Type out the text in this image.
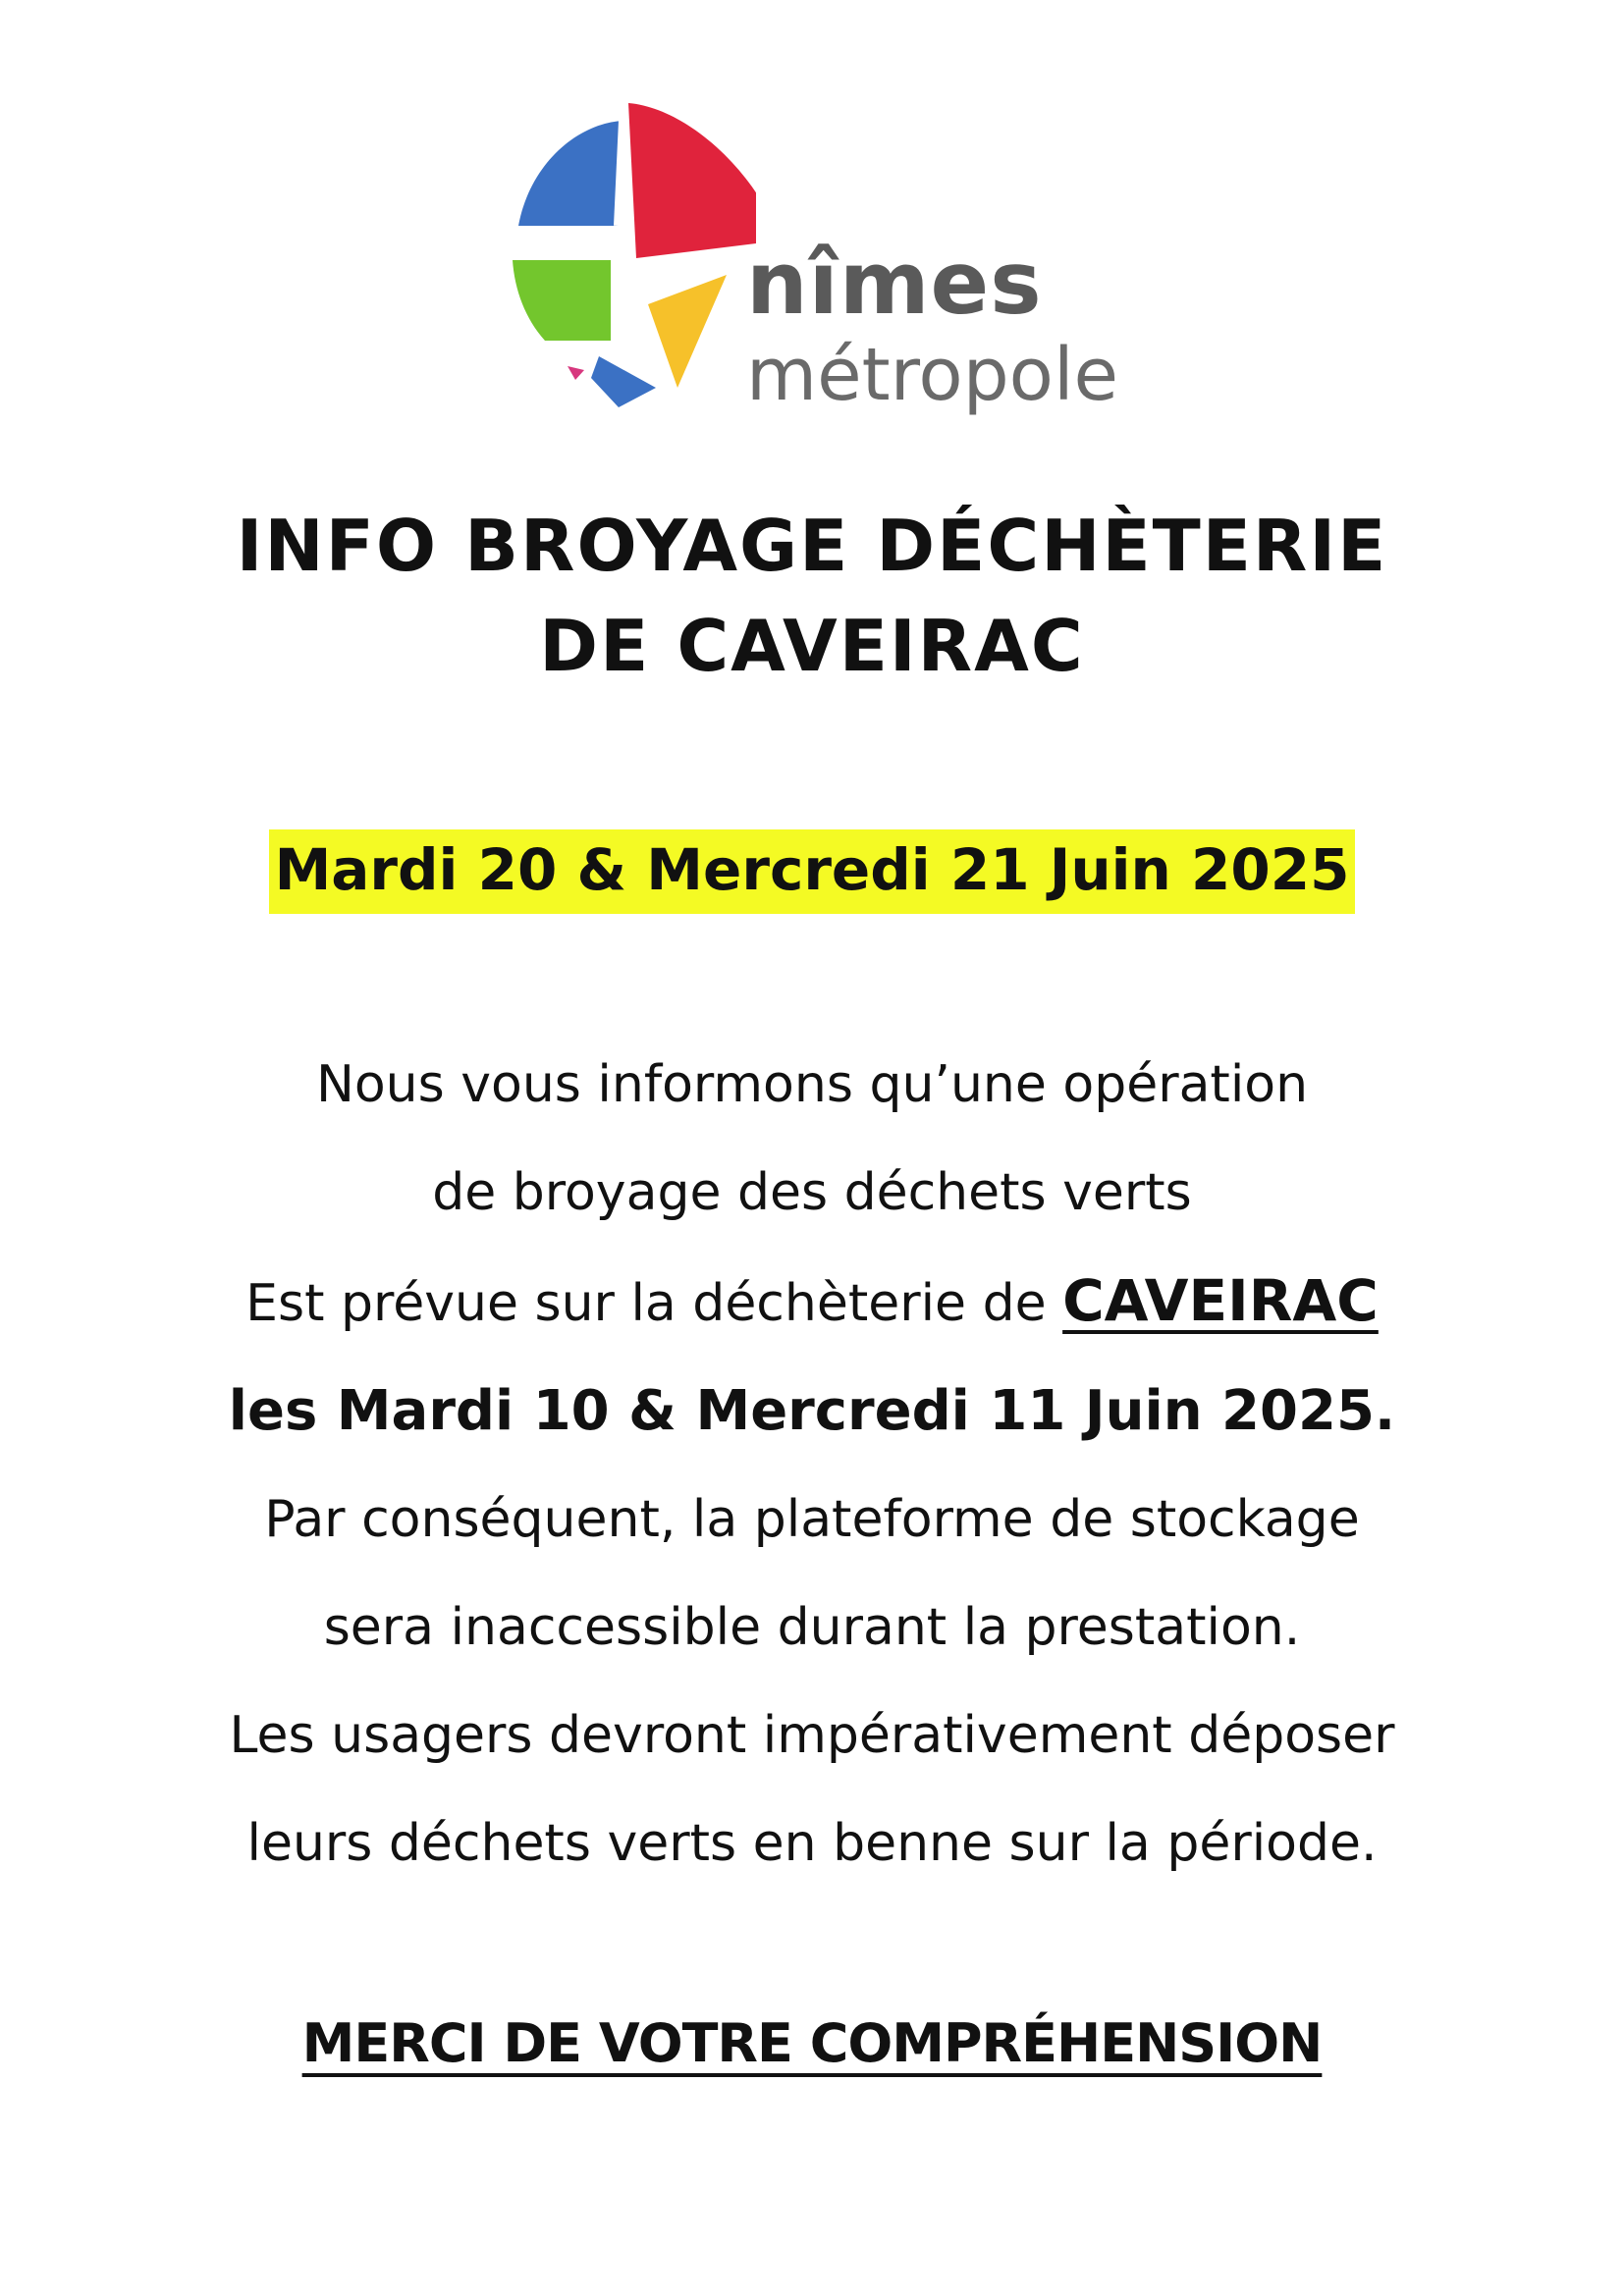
nîmes
métropole
INFO BROYAGE DÉCHÈTERIE
DE CAVEIRAC
Mardi 20 & Mercredi 21 Juin 2025
Nous vous informons qu’une opération
de broyage des déchets verts
Est prévue sur la déchèterie de CAVEIRAC
les Mardi 10 & Mercredi 11 Juin 2025.
Par conséquent, la plateforme de stockage
sera inaccessible durant la prestation.
Les usagers devront impérativement déposer
leurs déchets verts en benne sur la période.
MERCI DE VOTRE COMPRÉHENSION
